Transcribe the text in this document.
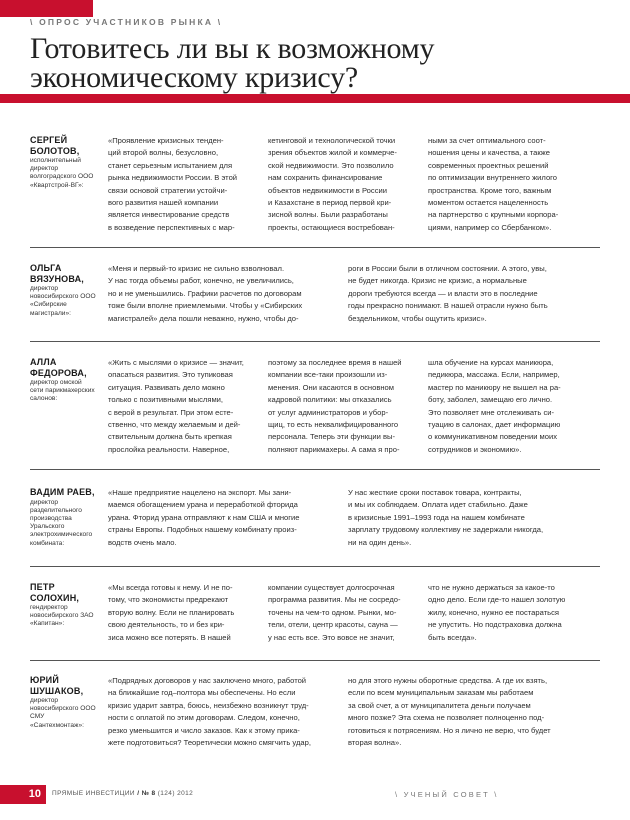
\ ОПРОС УЧАСТНИКОВ РЫНКА \
Готовитесь ли вы к возможному
экономическому кризису?
СЕРГЕЙ БОЛОТОВ,
исполнительный директор волгоградского ООО «Квартстрой-ВГ»:
«Проявление кризисных тенден-
ций второй волны, безусловно,
станет серьезным испытанием для
рынка недвижимости России. В этой
связи основой стратегии устойчи-
вого развития нашей компании
является инвестирование средств
в возведение перспективных с мар-
кетинговой и технологической точки
зрения объектов жилой и коммерче-
ской недвижимости. Это позволило
нам сохранить финансирование
объектов недвижимости в России
и Казахстане в период первой кри-
зисной волны. Были разработаны
проекты, остающиеся востребован-
ными за счет оптимального соот-
ношения цены и качества, а также
современных проектных решений
по оптимизации внутреннего жилого
пространства. Кроме того, важным
моментом остается нацеленность
на партнерство с крупными корпора-
циями, например со Сбербанком».
ОЛЬГА ВЯЗУНОВА,
директор новосибирского ООО «Сибирские магистрали»:
«Меня и первый-то кризис не сильно взволновал.
У нас тогда объемы работ, конечно, не увеличились,
но и не уменьшились. Графики расчетов по договорам
тоже были вполне приемлемыми. Чтобы у «Сибирских
магистралей» дела пошли неважно, нужно, чтобы до-
роги в России были в отличном состоянии. А этого, увы,
не будет никогда. Кризис не кризис, а нормальные
дороги требуются всегда — и власти это в последние
годы прекрасно понимают. В нашей отрасли нужно быть
бездельником, чтобы ощутить кризис».
АЛЛА ФЕДОРОВА,
директор омской сети парикмахерских салонов:
«Жить с мыслями о кризисе — значит,
опасаться развития. Это тупиковая
ситуация. Развивать дело можно
только с позитивными мыслями,
с верой в результат. При этом есте-
ственно, что между желаемым и дей-
ствительным должна быть крепкая
прослойка реальности. Наверное,
поэтому за последнее время в нашей
компании все-таки произошли из-
менения. Они касаются в основном
кадровой политики: мы отказались
от услуг администраторов и убор-
щиц, то есть неквалифицированного
персонала. Теперь эти функции вы-
полняют парикмахеры. А сама я про-
шла обучение на курсах маникюра,
педикюра, массажа. Если, например,
мастер по маникюру не вышел на ра-
боту, заболел, замещаю его лично.
Это позволяет мне отслеживать си-
туацию в салонах, дает информацию
о коммуникативном поведении моих
сотрудников и экономию».
ВАДИМ РАЕВ,
директор разделительного производства Уральского электрохимического комбината:
«Наше предприятие нацелено на экспорт. Мы зани-
маемся обогащением урана и переработкой фторида
урана. Фторид урана отправляют к нам США и многие
страны Европы. Подобных нашему комбинату произ-
водств очень мало.
У нас жесткие сроки поставок товара, контракты,
и мы их соблюдаем. Оплата идет стабильно. Даже
в кризисные 1991–1993 года на нашем комбинате
зарплату трудовому коллективу не задержали никогда,
ни на один день».
ПЕТР СОЛОХИН,
гендиректор новосибирского ЗАО «Капитан»:
«Мы всегда готовы к нему. И не по-
тому, что экономисты предрекают
вторую волну. Если не планировать
свою деятельность, то и без кри-
зиса можно все потерять. В нашей
компании существует долгосрочная
программа развития. Мы не сосредо-
точены на чем-то одном. Рынки, мо-
тели, отели, центр красоты, сауна —
у нас есть все. Это вовсе не значит,
что не нужно держаться за какое-то
одно дело. Если где-то нашел золотую
жилу, конечно, нужно ее постараться
не упустить. Но подстраховка должна
быть всегда».
ЮРИЙ ШУШАКОВ,
директор новосибирского ООО СМУ «Сантехмонтаж»:
«Подрядных договоров у нас заключено много, работой
на ближайшие год–полтора мы обеспечены. Но если
кризис ударит завтра, боюсь, неизбежно возникнут труд-
ности с оплатой по этим договорам. Следом, конечно,
резко уменьшится и число заказов. Как к этому прика-
жете подготовиться? Теоретически можно смягчить удар,
но для этого нужны оборотные средства. А где их взять,
если по всем муниципальным заказам мы работаем
за свой счет, а от муниципалитета деньги получаем
много позже? Эта схема не позволяет полноценно под-
готовиться к потрясениям. Но я лично не верю, что будет
вторая волна».
10	ПРЯМЫЕ ИНВЕСТИЦИИ / № 8 (124) 2012	\ УЧЕНЫЙ СОВЕТ \
